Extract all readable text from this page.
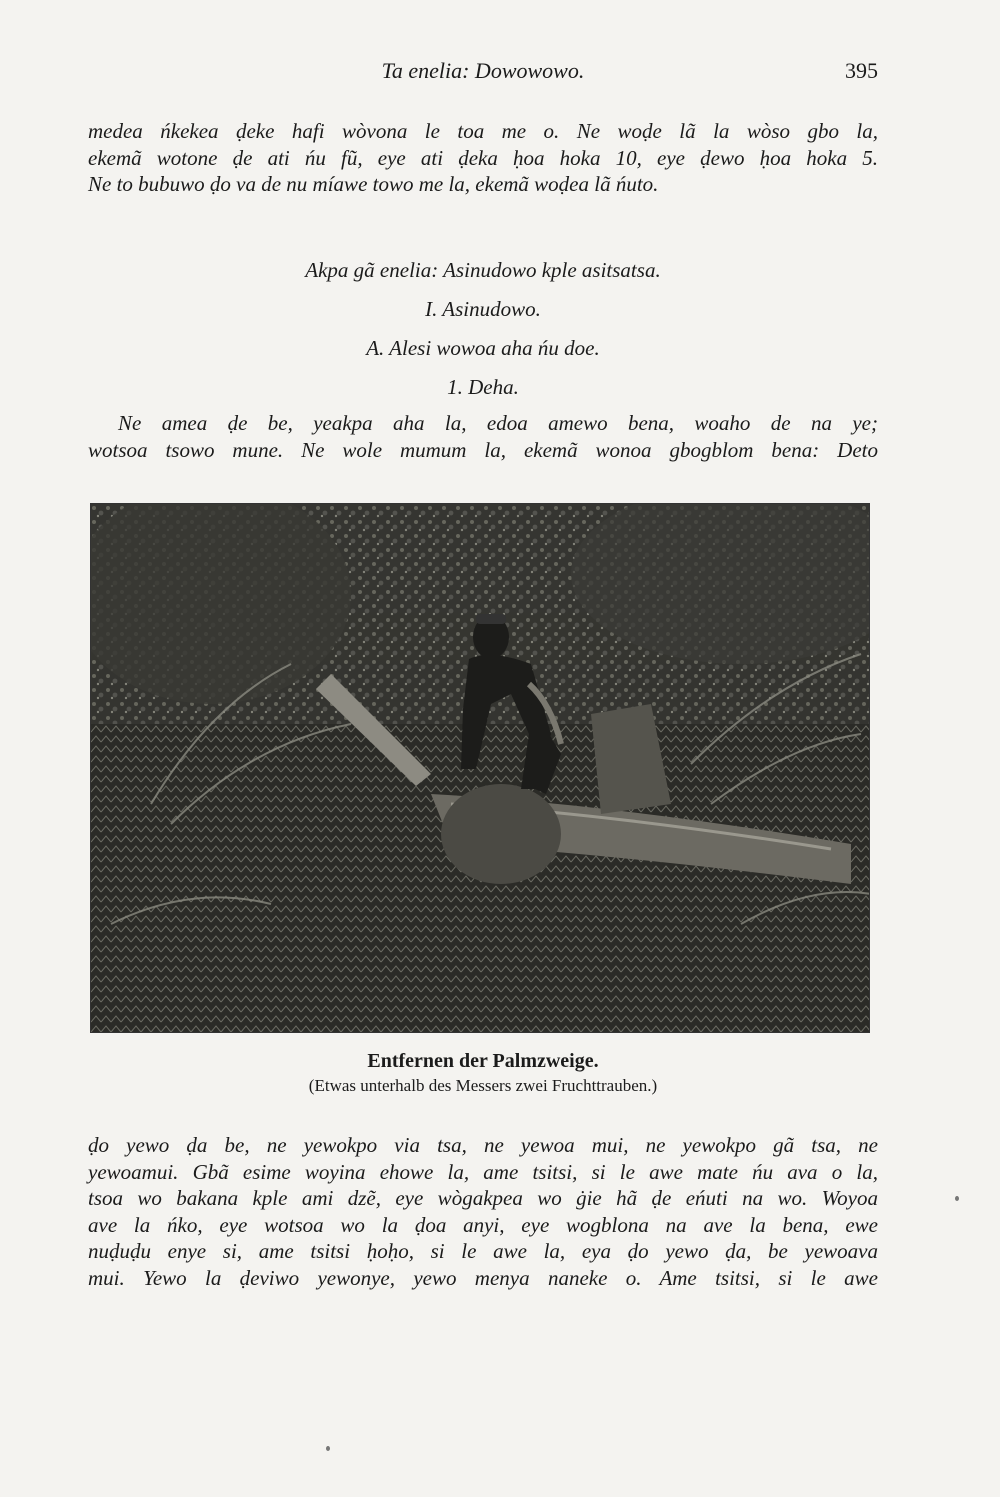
Ta enelia: Dowowowo.	395

medea ńkekea ḍeke hafi wòvona le toa me o. Ne woḍe lã la wòso gbo la,
ekemã wotone ḍe ati ńu fũ, eye ati ḍeka ḥoa hoka 10, eye ḍewo ḥoa hoka 5.
Ne to bubuwo ḍo va de nu míawe towo me la, ekemã woḍea lã ńuto.

Akpa gã enelia: Asinudowo kple asitsatsa.
I. Asinudowo.
A. Alesi wowoa aha ńu doe.
1. Deha.

Ne amea ḍe be, yeakpa aha la, edoa amewo bena, woaho de na ye;
wotsoa tsowo mune. Ne wole mumum la, ekemã wonoa gbogblom bena: Deto

Entfernen der Palmzweige.
(Etwas unterhalb des Messers zwei Fruchttrauben.)

ḍo yewo ḍa be, ne yewokpo via tsa, ne yewoa mui, ne yewokpo gã tsa, ne
yewoamui. Gbã esime woyina ehowe la, ame tsitsi, si le awe mate ńu ava o la,
tsoa wo bakana kple ami dzẽ, eye wògakpea wo ġie hã ḍe eńuti na wo. Woyoa
ave la ńko, eye wotsoa wo la ḍoa anyi, eye wogblona na ave la bena, ewe
nuḍuḍu enye si, ame tsitsi ḥoḥo, si le awe la, eya ḍo yewo ḍa, be yewoava
mui. Yewo la ḍeviwo yewonye, yewo menya naneke o. Ame tsitsi, si le awe
